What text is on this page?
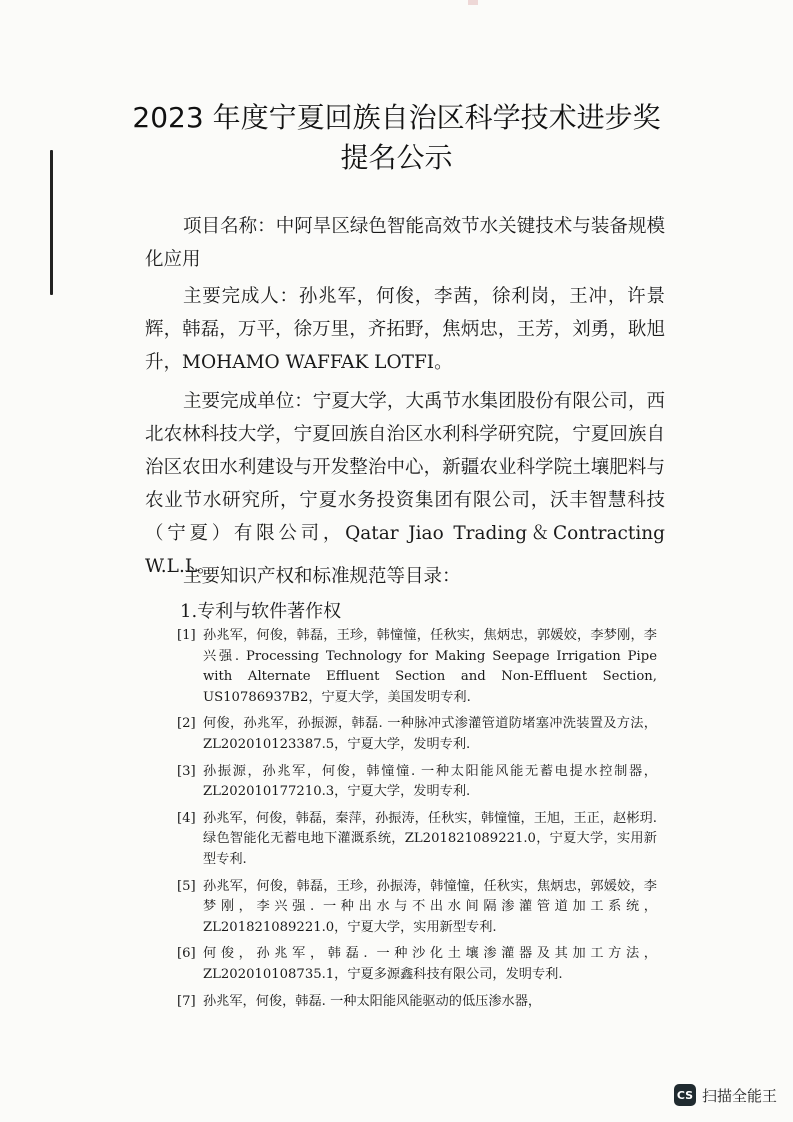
2023 年度宁夏回族自治区科学技术进步奖
提名公示

项目名称：中阿旱区绿色智能高效节水关键技术与装备规模化应用

主要完成人：孙兆军，何俊，李茜，徐利岗，王冲，许景辉，韩磊，万平，徐万里，齐拓野，焦炳忠，王芳，刘勇，耿旭升，MOHAMO WAFFAK LOTFI。

主要完成单位：宁夏大学，大禹节水集团股份有限公司，西北农林科技大学，宁夏回族自治区水利科学研究院，宁夏回族自治区农田水利建设与开发整治中心，新疆农业科学院土壤肥料与农业节水研究所，宁夏水务投资集团有限公司，沃丰智慧科技（宁夏）有限公司，Qatar Jiao Trading＆Contracting W.L.L。

主要知识产权和标准规范等目录：

1.专利与软件著作权
[1] 孙兆军，何俊，韩磊，王珍，韩憧憧，任秋实，焦炳忠，郭媛姣，李梦刚，李兴强. Processing Technology for Making Seepage Irrigation Pipe with Alternate Effluent Section and Non-Effluent Section, US10786937B2，宁夏大学，美国发明专利.
[2] 何俊，孙兆军，孙振源，韩磊. 一种脉冲式渗灌管道防堵塞冲洗装置及方法，ZL202010123387.5，宁夏大学，发明专利.
[3] 孙振源，孙兆军，何俊，韩憧憧. 一种太阳能风能无蓄电提水控制器，ZL202010177210.3，宁夏大学，发明专利.
[4] 孙兆军，何俊，韩磊，秦萍，孙振涛，任秋实，韩憧憧，王旭，王正，赵彬玥. 绿色智能化无蓄电地下灌溉系统，ZL201821089221.0，宁夏大学，实用新型专利.
[5] 孙兆军，何俊，韩磊，王珍，孙振涛，韩憧憧，任秋实，焦炳忠，郭媛姣，李梦刚，李兴强. 一种出水与不出水间隔渗灌管道加工系统，ZL201821089221.0，宁夏大学，实用新型专利.
[6] 何俊，孙兆军，韩磊. 一种沙化土壤渗灌器及其加工方法，ZL202010108735.1，宁夏多源鑫科技有限公司，发明专利.
[7] 孙兆军，何俊，韩磊. 一种太阳能风能驱动的低压渗水器，
CS 扫描全能王
